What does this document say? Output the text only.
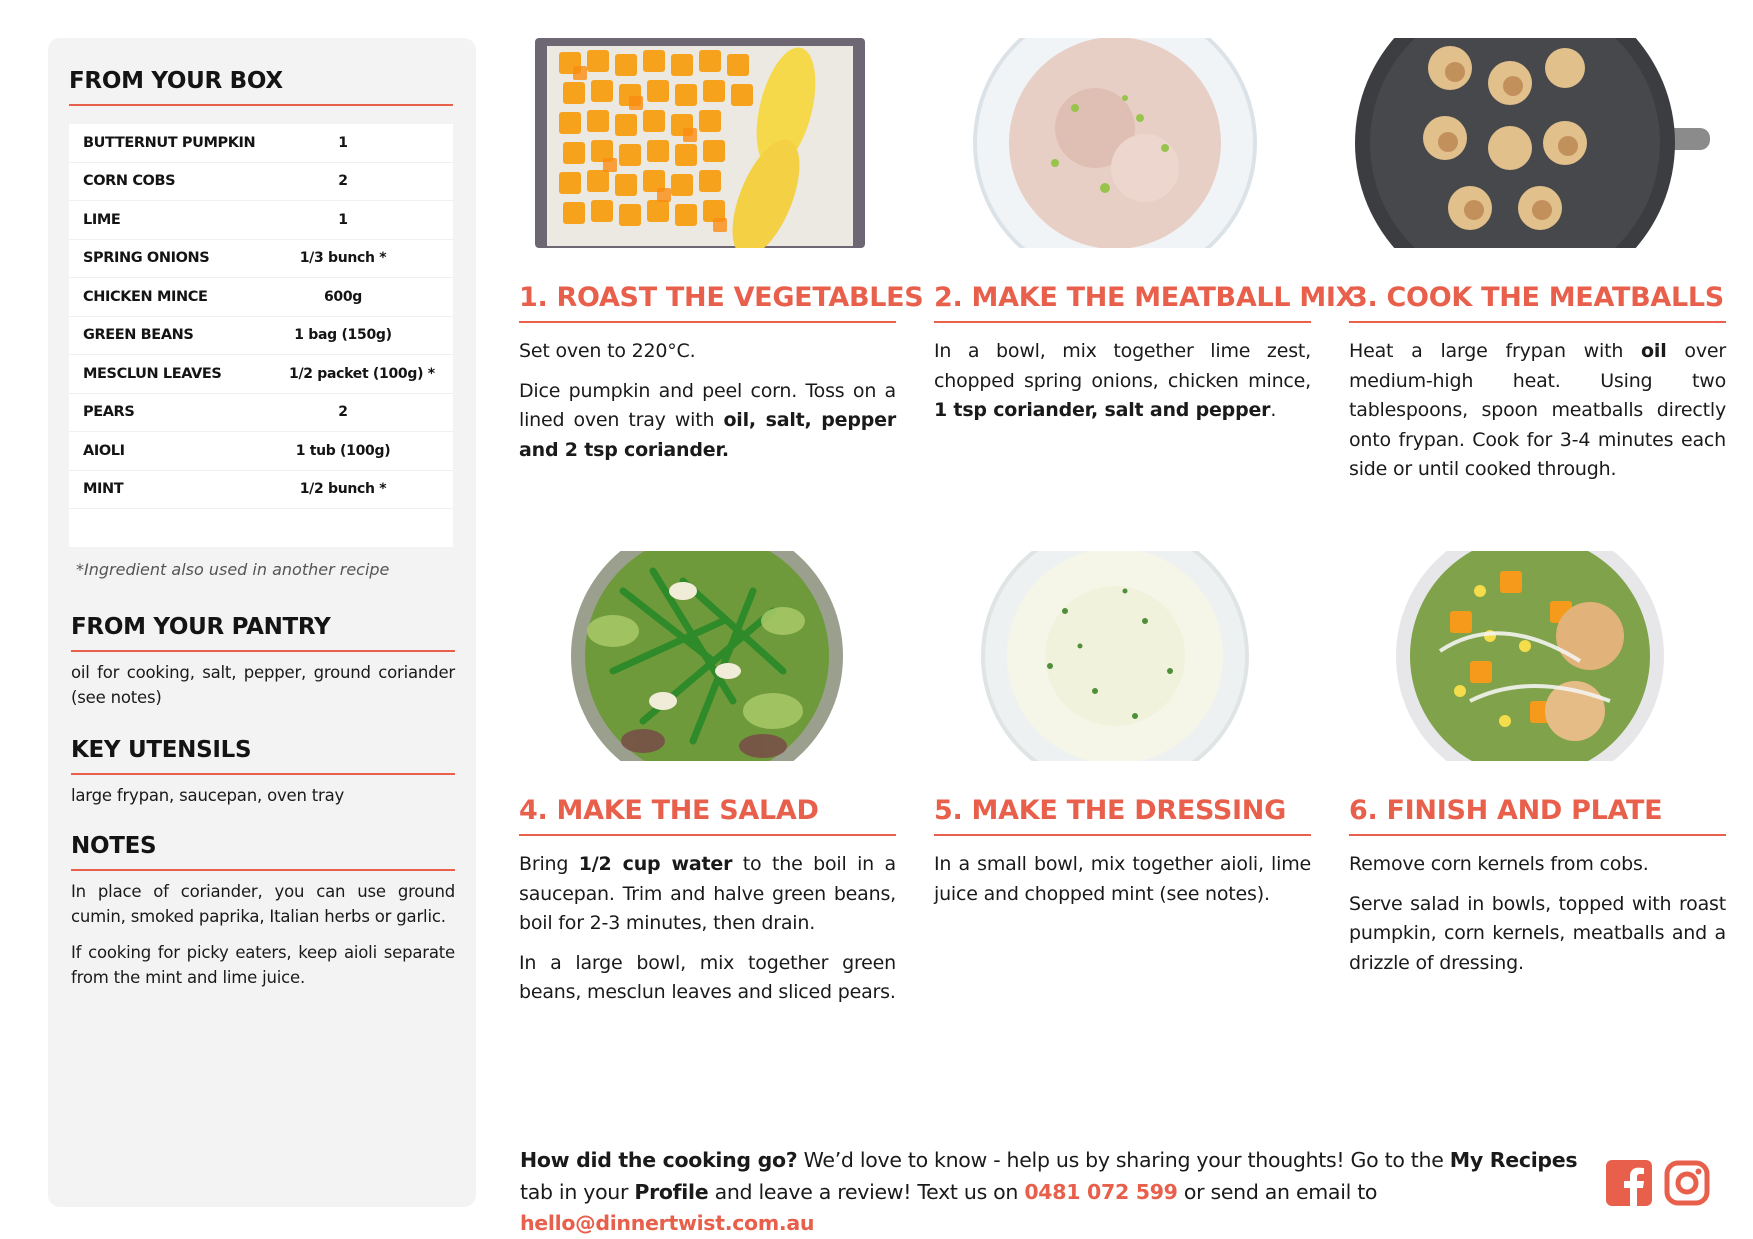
FROM YOUR BOX
BUTTERNUT PUMPKIN	1
CORN COBS	2
LIME	1
SPRING ONIONS	1/3 bunch *
CHICKEN MINCE	600g
GREEN BEANS	1 bag (150g)
MESCLUN LEAVES	1/2 packet (100g) *
PEARS	2
AIOLI	1 tub (100g)
MINT	1/2 bunch *
*Ingredient also used in another recipe
FROM YOUR PANTRY
oil for cooking, salt, pepper, ground coriander (see notes)
KEY UTENSILS
large frypan, saucepan, oven tray
NOTES
In place of coriander, you can use ground cumin, smoked paprika, Italian herbs or garlic.
If cooking for picky eaters, keep aioli separate from the mint and lime juice.
1. ROAST THE VEGETABLES

Set oven to 220°C.

Dice pumpkin and peel corn. Toss on a lined oven tray with oil, salt, pepper and 2 tsp coriander.

2. MAKE THE MEATBALL MIX

In a bowl, mix together lime zest, chopped spring onions, chicken mince, 1 tsp coriander, salt and pepper.

3. COOK THE MEATBALLS

Heat a large frypan with oil over medium-high heat. Using two tablespoons, spoon meatballs directly onto frypan. Cook for 3-4 minutes each side or until cooked through.

4. MAKE THE SALAD

Bring 1/2 cup water to the boil in a saucepan. Trim and halve green beans, boil for 2-3 minutes, then drain.

In a large bowl, mix together green beans, mesclun leaves and sliced pears.

5. MAKE THE DRESSING

In a small bowl, mix together aioli, lime juice and chopped mint (see notes).

6. FINISH AND PLATE

Remove corn kernels from cobs.

Serve salad in bowls, topped with roast pumpkin, corn kernels, meatballs and a drizzle of dressing.

How did the cooking go? We’d love to know - help us by sharing your thoughts! Go to the My Recipes tab in your Profile and leave a review! Text us on 0481 072 599 or send an email to hello@dinnertwist.com.au
